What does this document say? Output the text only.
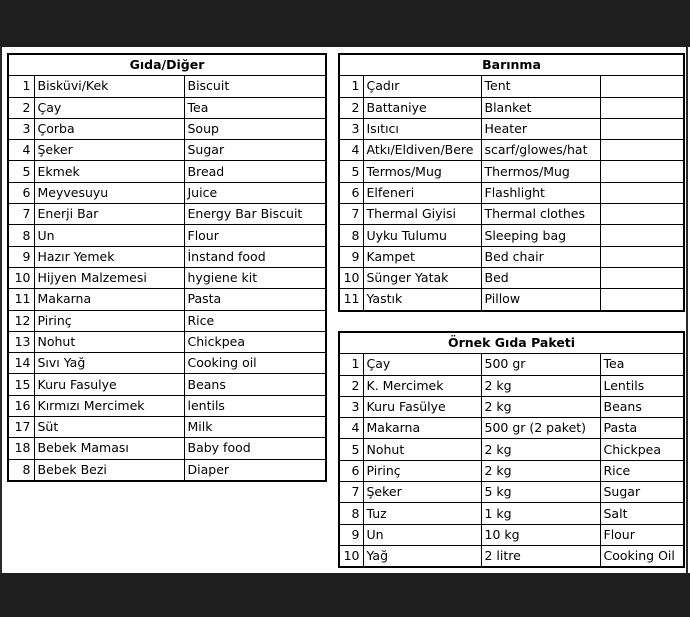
Gıda/Diğer		
1	Bisküvi/Kek	Biscuit
2	Çay	Tea
3	Çorba	Soup
4	Şeker	Sugar
5	Ekmek	Bread
6	Meyvesuyu	Juice
7	Enerji Bar	Energy Bar Biscuit
8	Un	Flour
9	Hazır Yemek	İnstand food
10	Hijyen Malzemesi	hygiene kit
11	Makarna	Pasta
12	Pirinç	Rice
13	Nohut	Chickpea
14	Sıvı Yağ	Cooking oil
15	Kuru Fasulye	Beans
16	Kırmızı Mercimek	lentils
17	Süt	Milk
18	Bebek Maması	Baby food
8	Bebek Bezi	Diaper
Barınma			
1	Çadır	Tent	
2	Battaniye	Blanket	
3	Isıtıcı	Heater	
4	Atkı/Eldiven/Bere	scarf/glowes/hat	
5	Termos/Mug	Thermos/Mug	
6	Elfeneri	Flashlight	
7	Thermal Giyisi	Thermal clothes	
8	Uyku Tulumu	Sleeping bag	
9	Kampet	Bed chair	
10	Sünger Yatak	Bed	
11	Yastık	Pillow	
Örnek Gıda Paketi			
1	Çay	500 gr	Tea
2	K. Mercimek	2 kg	Lentils
3	Kuru Fasülye	2 kg	Beans
4	Makarna	500 gr (2 paket)	Pasta
5	Nohut	2 kg	Chickpea
6	Pirinç	2 kg	Rice
7	Şeker	5 kg	Sugar
8	Tuz	1 kg	Salt
9	Un	10 kg	Flour
10	Yağ	2 litre	Cooking Oil
